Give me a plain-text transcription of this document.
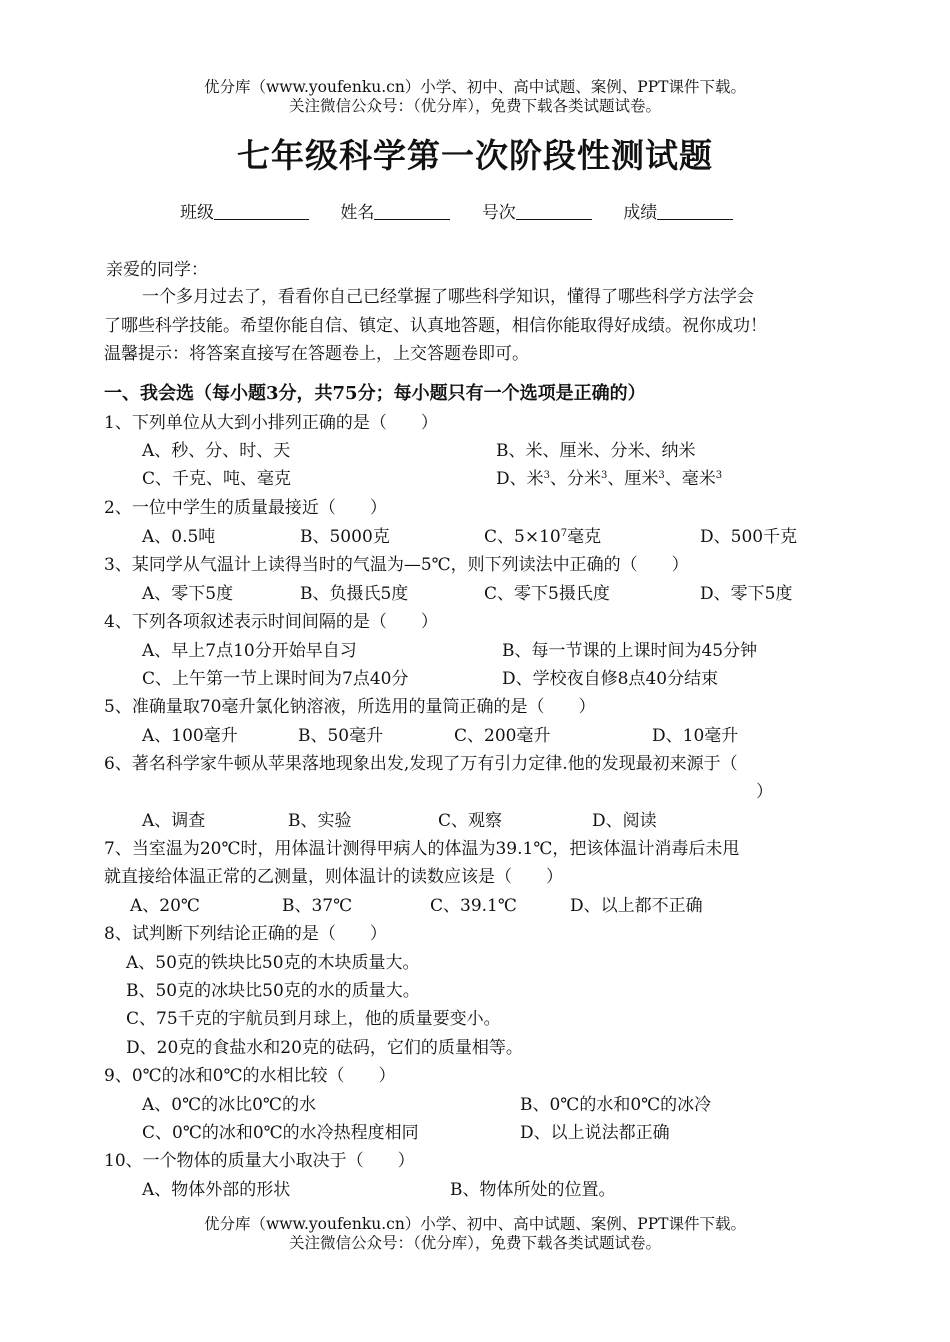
优分库（www.youfenku.cn）小学、初中、高中试题、案例、PPT课件下载。
关注微信公众号：（优分库），免费下载各类试题试卷。
七年级科学第一次阶段性测试题
班级	姓名	号次	成绩
亲爱的同学：
一个多月过去了，看看你自己已经掌握了哪些科学知识，懂得了哪些科学方法学会
了哪些科学技能。希望你能自信、镇定、认真地答题，相信你能取得好成绩。祝你成功！
温馨提示：将答案直接写在答题卷上，上交答题卷即可。
一、我会选（每小题3分，共75分；每小题只有一个选项是正确的）
1、下列单位从大到小排列正确的是（　　）
A、秒、分、时、天	B、米、厘米、分米、纳米
C、千克、吨、毫克	D、米$^3$、分米$^3$、厘米$^3$、毫米$^3$
2、一位中学生的质量最接近（　　）
A、0.5吨	B、5000克	C、$5\times 10^7$毫克	D、500千克
3、某同学从气温计上读得当时的气温为—5℃，则下列读法中正确的（　　）
A、零下5度	B、负摄氏5度	C、零下5摄氏度	D、零下5度
4、下列各项叙述表示时间间隔的是（　　）
A、早上7点10分开始早自习	B、每一节课的上课时间为45分钟
C、上午第一节上课时间为7点40分	D、学校夜自修8点40分结束
5、准确量取70毫升氯化钠溶液，所选用的量筒正确的是（　　）
A、100毫升	B、50毫升	C、200毫升	D、10毫升
6、著名科学家牛顿从苹果落地现象出发,发现了万有引力定律.他的发现最初来源于（
）
A、调查	B、实验	C、观察	D、阅读
7、当室温为20℃时，用体温计测得甲病人的体温为39.1℃，把该体温计消毒后未甩
就直接给体温正常的乙测量，则体温计的读数应该是（　　）
A、20℃	B、37℃	C、39.1℃	D、以上都不正确
8、试判断下列结论正确的是（　　）
A、50克的铁块比50克的木块质量大。
B、50克的冰块比50克的水的质量大。
C、75千克的宇航员到月球上，他的质量要变小。
D、20克的食盐水和20克的砝码，它们的质量相等。
9、0℃的冰和0℃的水相比较（　　）
A、0℃的冰比0℃的水	B、0℃的水和0℃的冰冷
C、0℃的冰和0℃的水冷热程度相同	D、以上说法都正确
10、一个物体的质量大小取决于（　　）
A、物体外部的形状	B、物体所处的位置。
优分库（www.youfenku.cn）小学、初中、高中试题、案例、PPT课件下载。
关注微信公众号：（优分库），免费下载各类试题试卷。
